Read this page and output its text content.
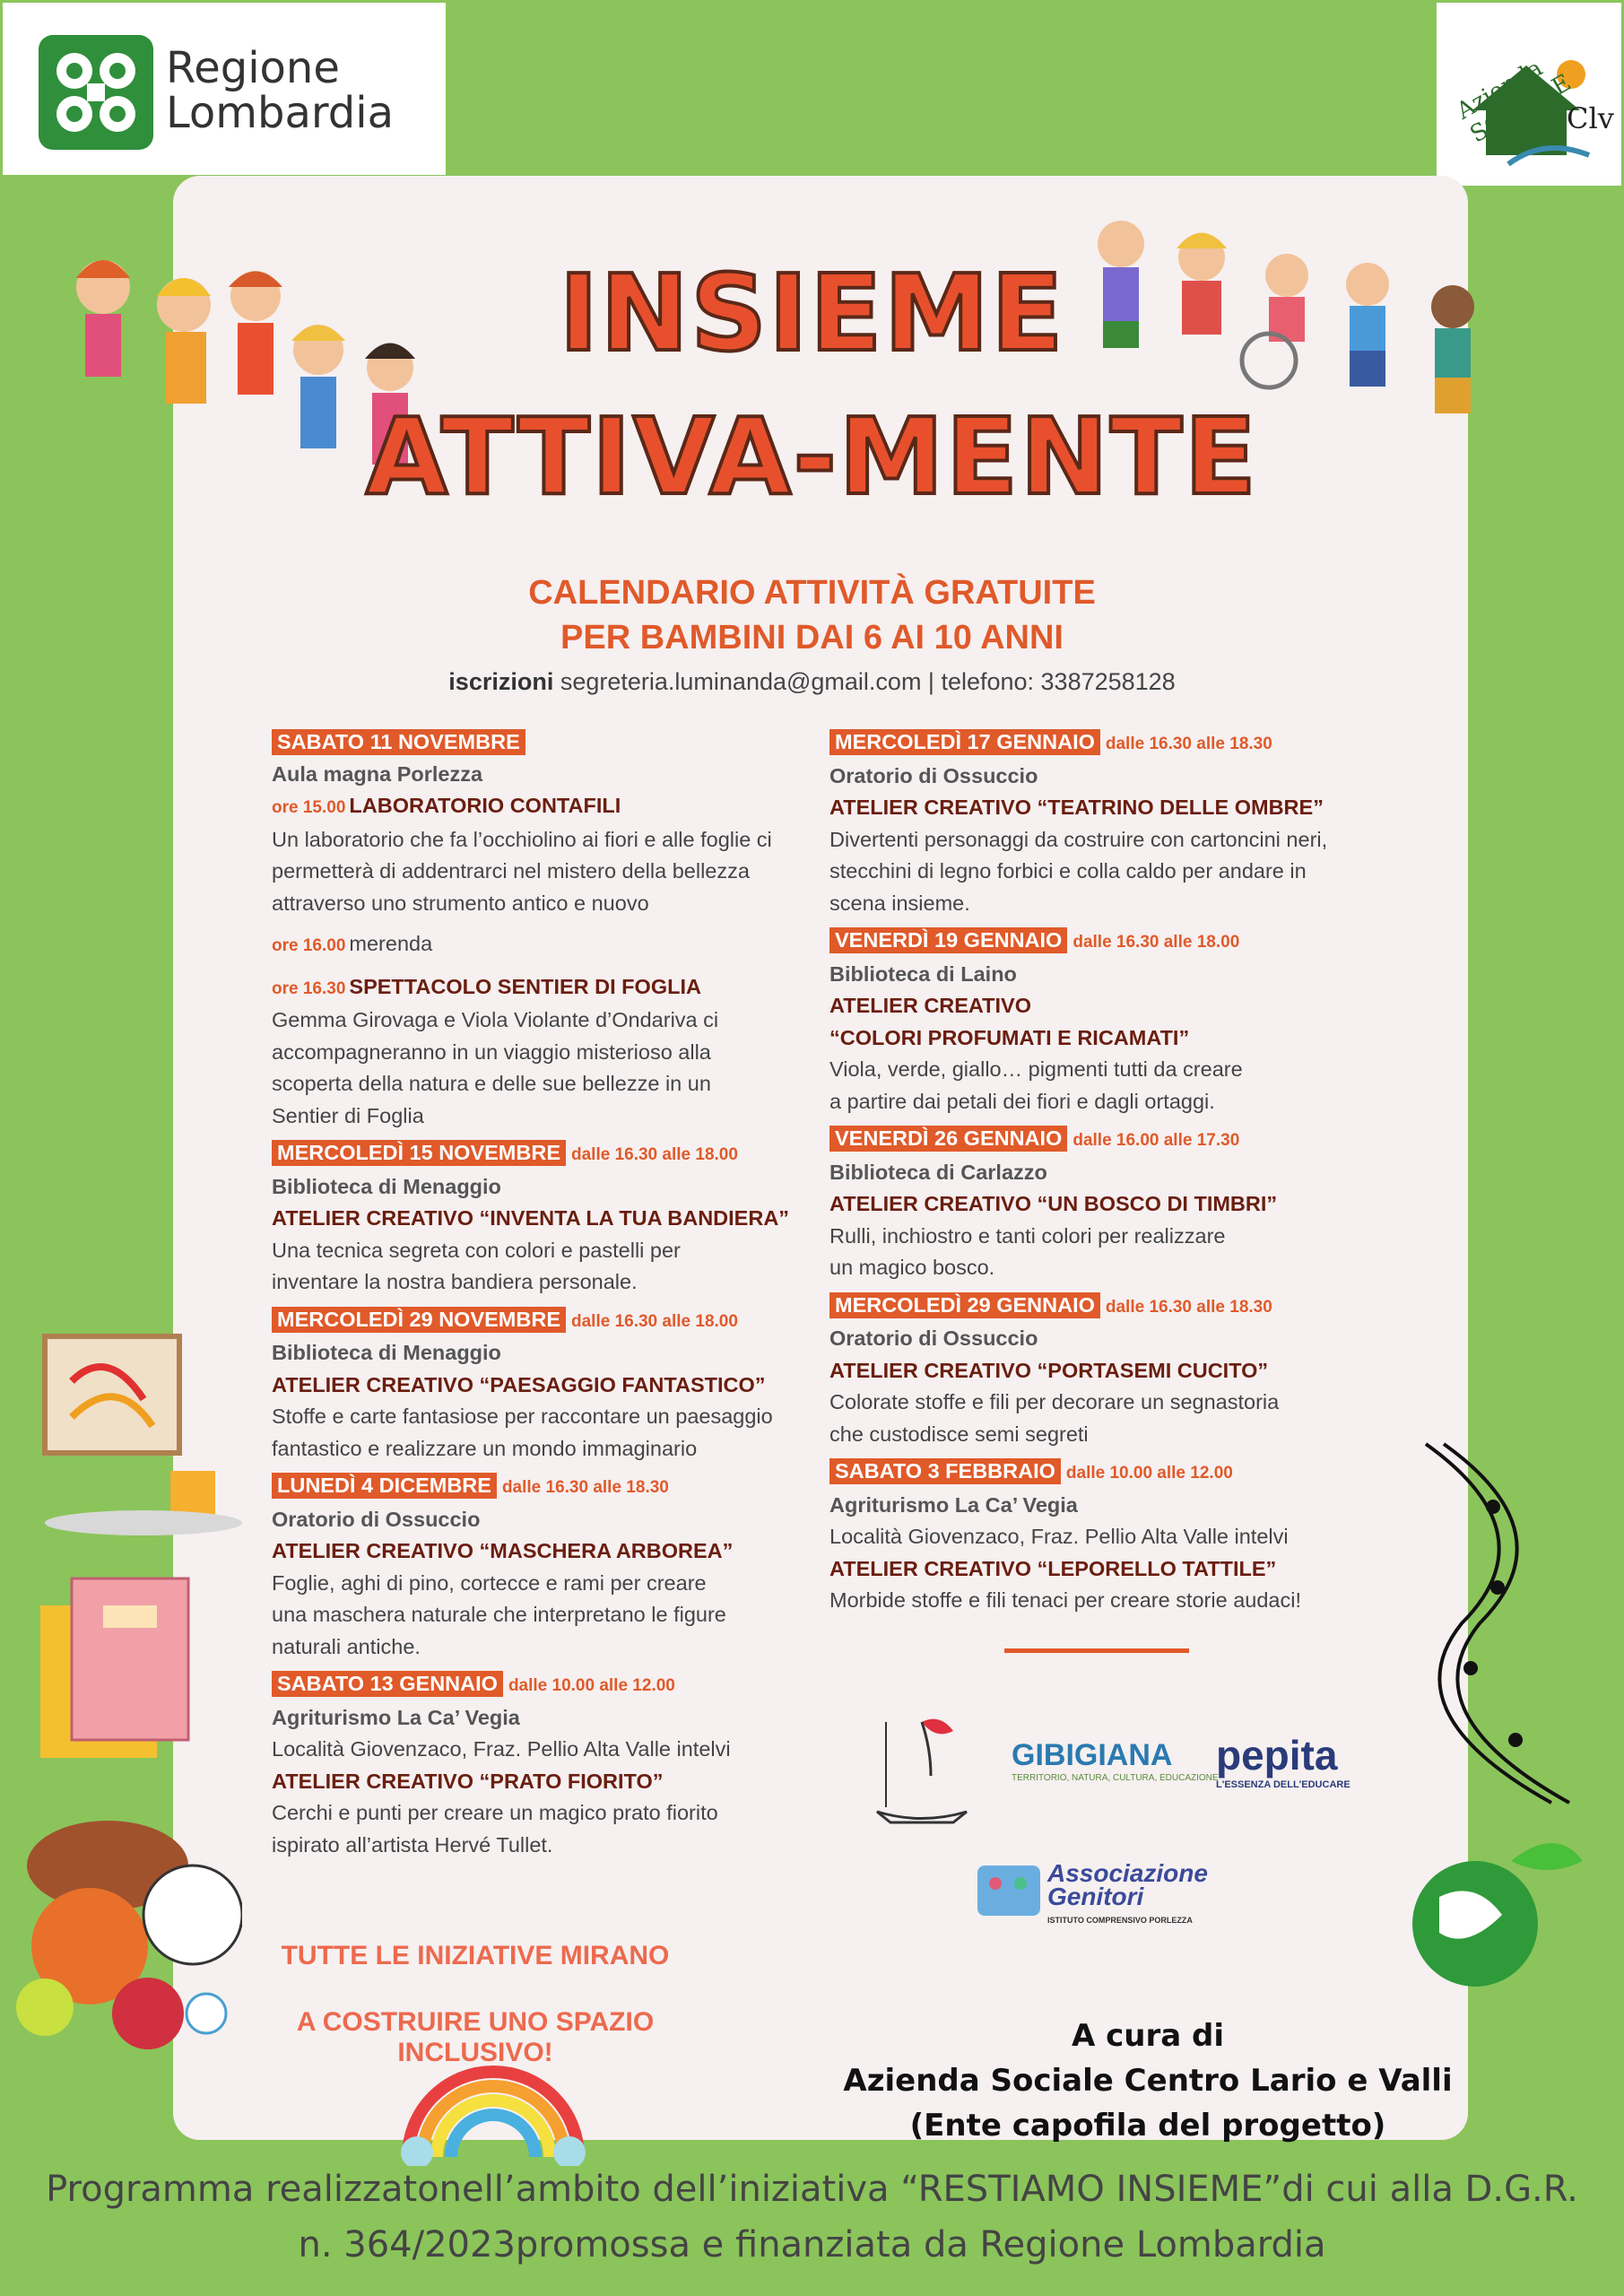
Regione Lombardia	Azienda SOCIALE
Clv
INSIEME
ATTIVA-MENTE
CALENDARIO ATTIVITÀ GRATUITE
PER BAMBINI DAI 6 AI 10 ANNI
iscrizioni segreteria.luminanda@gmail.com | telefono: 3387258128
SABATO 11 NOVEMBRE
Aula magna Porlezza
ore 15.00 LABORATORIO CONTAFILI
Un laboratorio che fa l’occhiolino ai fiori e alle foglie ci permetterà di addentrarci nel mistero della bellezza attraverso uno strumento antico e nuovo
ore 16.00 merenda
ore 16.30 SPETTACOLO SENTIER DI FOGLIA
Gemma Girovaga e Viola Violante d’Ondariva ci accompagneranno in un viaggio misterioso alla scoperta della natura e delle sue bellezze in un Sentier di Foglia
MERCOLEDÌ 15 NOVEMBRE dalle 16.30 alle 18.00
Biblioteca di Menaggio
ATELIER CREATIVO “INVENTA LA TUA BANDIERA”
Una tecnica segreta con colori e pastelli per inventare la nostra bandiera personale.
MERCOLEDÌ 29 NOVEMBRE dalle 16.30 alle 18.00
Biblioteca di Menaggio
ATELIER CREATIVO “PAESAGGIO FANTASTICO”
Stoffe e carte fantasiose per raccontare un paesaggio fantastico e realizzare un mondo immaginario
LUNEDÌ 4 DICEMBRE dalle 16.30 alle 18.30
Oratorio di Ossuccio
ATELIER CREATIVO “MASCHERA ARBOREA”
Foglie, aghi di pino, cortecce e rami per creare una maschera naturale che interpretano le figure naturali antiche.
SABATO 13 GENNAIO dalle 10.00 alle 12.00
Agriturismo La Ca’ Vegia
Località Giovenzaco, Fraz. Pellio Alta Valle intelvi
ATELIER CREATIVO “PRATO FIORITO”
Cerchi e punti per creare un magico prato fiorito ispirato all’artista Hervé Tullet.
MERCOLEDÌ 17 GENNAIO dalle 16.30 alle 18.30
Oratorio di Ossuccio
ATELIER CREATIVO “TEATRINO DELLE OMBRE”
Divertenti personaggi da costruire con cartoncini neri, stecchini di legno forbici e colla caldo per andare in scena insieme.
VENERDÌ 19 GENNAIO dalle 16.30 alle 18.00
Biblioteca di Laino
ATELIER CREATIVO
“COLORI PROFUMATI E RICAMATI”
Viola, verde, giallo… pigmenti tutti da creare a partire dai petali dei fiori e dagli ortaggi.
VENERDÌ 26 GENNAIO dalle 16.00 alle 17.30
Biblioteca di Carlazzo
ATELIER CREATIVO “UN BOSCO DI TIMBRI”
Rulli, inchiostro e tanti colori per realizzare un magico bosco.
MERCOLEDÌ 29 GENNAIO dalle 16.30 alle 18.30
Oratorio di Ossuccio
ATELIER CREATIVO “PORTASEMI CUCITO”
Colorate stoffe e fili per decorare un segnastoria che custodisce semi segreti
SABATO 3 FEBBRAIO dalle 10.00 alle 12.00
Agriturismo La Ca’ Vegia
Località Giovenzaco, Fraz. Pellio Alta Valle intelvi
ATELIER CREATIVO “LEPORELLO TATTILE”
Morbide stoffe e fili tenaci per creare storie audaci!
GIBIGIANA
TERRITORIO, NATURA, CULTURA, EDUCAZIONE
pepita
L'ESSENZA DELL'EDUCARE
Associazione Genitori
ISTITUTO COMPRENSIVO PORLEZZA
TUTTE LE INIZIATIVE MIRANO
A COSTRUIRE UNO SPAZIO INCLUSIVO!	A cura di
Azienda Sociale Centro Lario e Valli
(Ente capofila del progetto)
Programma realizzatonell’ambito dell’iniziativa “RESTIAMO INSIEME”di cui alla D.G.R.
n. 364/2023promossa e finanziata da Regione Lombardia
